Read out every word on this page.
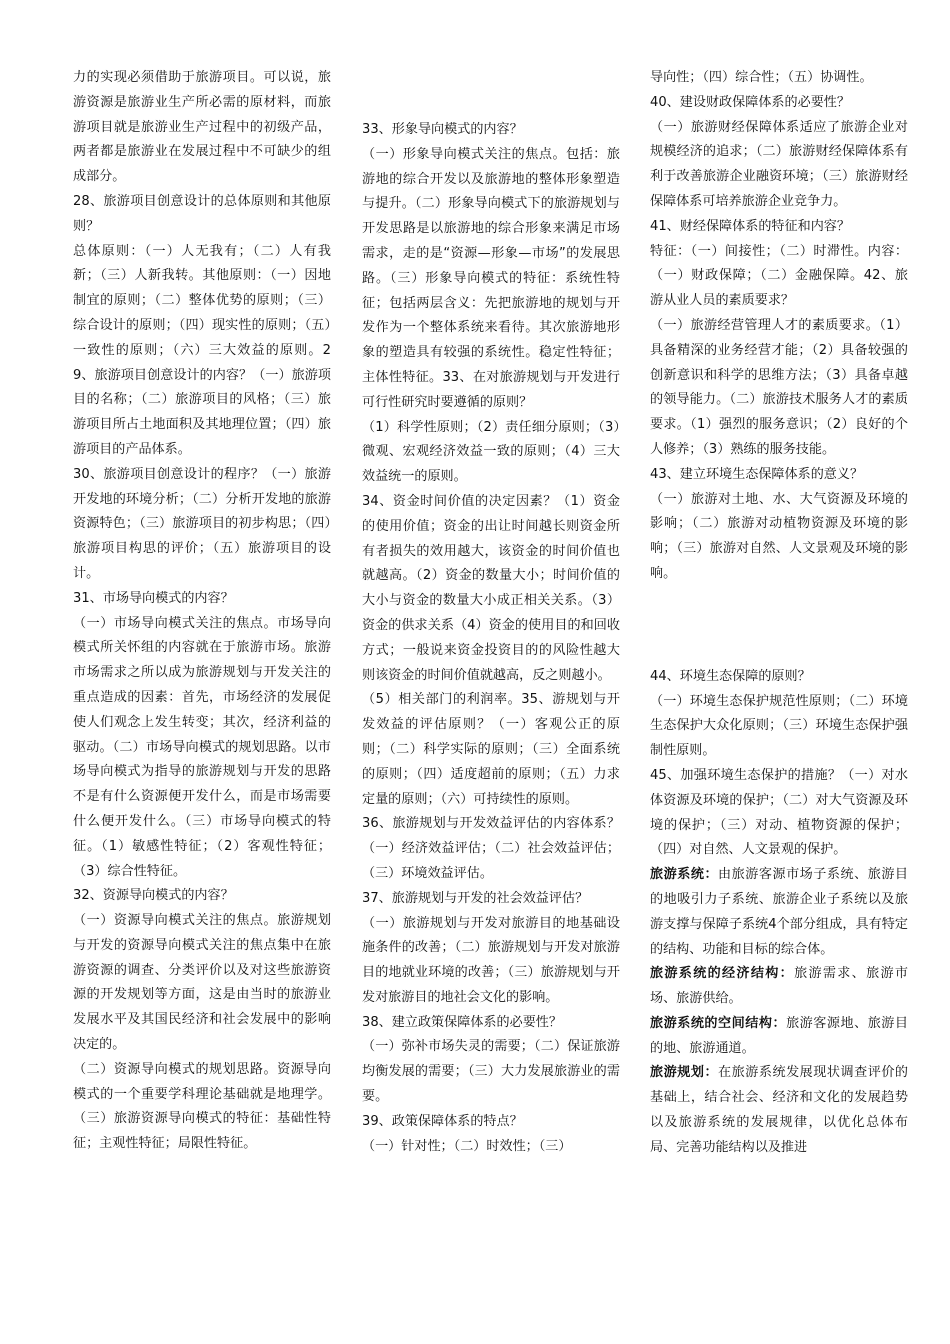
力的实现必须借助于旅游项目。可以说，旅游资源是旅游业生产所必需的原材料，而旅游项目就是旅游业生产过程中的初级产品，两者都是旅游业在发展过程中不可缺少的组成部分。

28、旅游项目创意设计的总体原则和其他原则？

总体原则：（一）人无我有；（二）人有我新；（三）人新我转。其他原则：（一）因地制宜的原则；（二）整体优势的原则；（三）综合设计的原则；（四）现实性的原则；（五）一致性的原则；（六）三大效益的原则。29、旅游项目创意设计的内容？（一）旅游项目的名称；（二）旅游项目的风格；（三）旅游项目所占土地面积及其地理位置；（四）旅游项目的产品体系。

30、旅游项目创意设计的程序？（一）旅游开发地的环境分析；（二）分析开发地的旅游资源特色；（三）旅游项目的初步构思；（四）旅游项目构思的评价；（五）旅游项目的设计。

31、市场导向模式的内容？

（一）市场导向模式关注的焦点。市场导向模式所关怀组的内容就在于旅游市场。旅游市场需求之所以成为旅游规划与开发关注的重点造成的因素：首先，市场经济的发展促使人们观念上发生转变；其次，经济利益的驱动。（二）市场导向模式的规划思路。以市场导向模式为指导的旅游规划与开发的思路不是有什么资源便开发什么，而是市场需要什么便开发什么。（三）市场导向模式的特征。（1）敏感性特征；（2）客观性特征；（3）综合性特征。

32、资源导向模式的内容？

（一）资源导向模式关注的焦点。旅游规划与开发的资源导向模式关注的焦点集中在旅游资源的调查、分类评价以及对这些旅游资源的开发规划等方面，这是由当时的旅游业发展水平及其国民经济和社会发展中的影响决定的。

（二）资源导向模式的规划思路。资源导向模式的一个重要学科理论基础就是地理学。（三）旅游资源导向模式的特征：基础性特征；主观性特征；局限性特征。

33、形象导向模式的内容？

（一）形象导向模式关注的焦点。包括：旅游地的综合开发以及旅游地的整体形象塑造与提升。（二）形象导向模式下的旅游规划与开发思路是以旅游地的综合形象来满足市场需求，走的是“资源—形象—市场”的发展思路。（三）形象导向模式的特征：系统性特征；包括两层含义：先把旅游地的规划与开发作为一个整体系统来看待。其次旅游地形象的塑造具有较强的系统性。稳定性特征；主体性特征。33、在对旅游规划与开发进行可行性研究时要遵循的原则？

（1）科学性原则；（2）责任细分原则；（3）微观、宏观经济效益一致的原则；（4）三大效益统一的原则。

34、资金时间价值的决定因素？（1）资金的使用价值；资金的出让时间越长则资金所有者损失的效用越大，该资金的时间价值也就越高。（2）资金的数量大小；时间价值的大小与资金的数量大小成正相关关系。（3）资金的供求关系（4）资金的使用目的和回收方式；一般说来资金投资目的的风险性越大则该资金的时间价值就越高，反之则越小。

（5）相关部门的利润率。35、游规划与开发效益的评估原则？（一）客观公正的原则；（二）科学实际的原则；（三）全面系统的原则；（四）适度超前的原则；（五）力求定量的原则；（六）可持续性的原则。

36、旅游规划与开发效益评估的内容体系？（一）经济效益评估；（二）社会效益评估；（三）环境效益评估。

37、旅游规划与开发的社会效益评估？

（一）旅游规划与开发对旅游目的地基础设施条件的改善；（二）旅游规划与开发对旅游目的地就业环境的改善；（三）旅游规划与开发对旅游目的地社会文化的影响。

38、建立政策保障体系的必要性？

（一）弥补市场失灵的需要；（二）保证旅游均衡发展的需要；（三）大力发展旅游业的需要。

39、政策保障体系的特点？

（一）针对性；（二）时效性；（三）

导向性；（四）综合性；（五）协调性。

40、建设财政保障体系的必要性？

（一）旅游财经保障体系适应了旅游企业对规模经济的追求；（二）旅游财经保障体系有利于改善旅游企业融资环境；（三）旅游财经保障体系可培养旅游企业竞争力。

41、财经保障体系的特征和内容？

特征：（一）间接性；（二）时滞性。内容：（一）财政保障；（二）金融保障。42、旅游从业人员的素质要求？

（一）旅游经营管理人才的素质要求。（1）具备精深的业务经营才能；（2）具备较强的创新意识和科学的思维方法；（3）具备卓越的领导能力。（二）旅游技术服务人才的素质要求。（1）强烈的服务意识；（2）良好的个人修养；（3）熟练的服务技能。

43、建立环境生态保障体系的意义？

（一）旅游对土地、水、大气资源及环境的影响；（二）旅游对动植物资源及环境的影响；（三）旅游对自然、人文景观及环境的影响。

44、环境生态保障的原则？

（一）环境生态保护规范性原则；（二）环境生态保护大众化原则；（三）环境生态保护强制性原则。

45、加强环境生态保护的措施？（一）对水体资源及环境的保护；（二）对大气资源及环境的保护；（三）对动、植物资源的保护；（四）对自然、人文景观的保护。

旅游系统：由旅游客源市场子系统、旅游目的地吸引力子系统、旅游企业子系统以及旅游支撑与保障子系统4个部分组成，具有特定的结构、功能和目标的综合体。

旅游系统的经济结构：旅游需求、旅游市场、旅游供给。

旅游系统的空间结构：旅游客源地、旅游目的地、旅游通道。

旅游规划：在旅游系统发展现状调查评价的基础上，结合社会、经济和文化的发展趋势以及旅游系统的发展规律，以优化总体布局、完善功能结构以及推进
